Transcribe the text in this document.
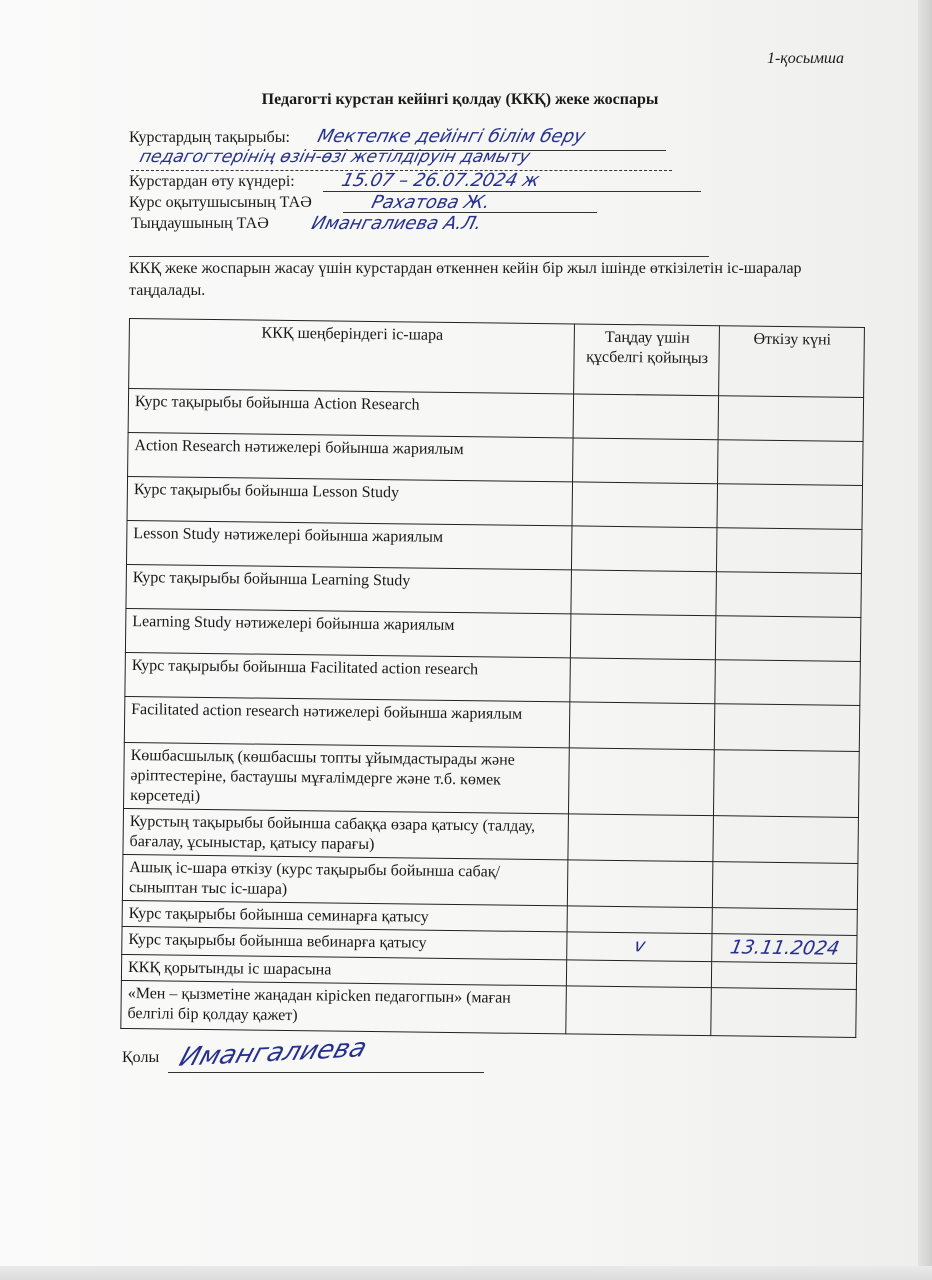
1-қосымша
Педагогті курстан кейінгі қолдау (ККҚ) жеке жоспары
Курстардың тақырыбы: Мектепке дейінгі білім беру
педагогтерінің өзін-өзі жетілдіруін дамыту
Курстардан өту күндері: 15.07 – 26.07.2024 ж
Курс оқытушысының ТАӘ	Рахатова Ж.
Тыңдаушының ТАӘ Имангалиева А.Л.
ККҚ жеке жоспарын жасау үшін курстардан өткеннен кейін бір жыл ішінде өткізілетін іс-шаралар таңдалады.
ККҚ шеңберіндегі іс-шара	Таңдау үшін құсбелгі қойыңыз	Өткізу күні
Курс тақырыбы бойынша Action Research		
Action Research нәтижелері бойынша жариялым		
Курс тақырыбы бойынша Lesson Study		
Lesson Study нәтижелері бойынша жариялым		
Курс тақырыбы бойынша Learning Study		
Learning Study нәтижелері бойынша жариялым		
Курс тақырыбы бойынша Facilitated action research		
Facilitated action research нәтижелері бойынша жариялым		
Көшбасшылық (көшбасшы топты ұйымдастырады және әріптестеріне, бастаушы мұғалімдерге және т.б. көмек көрсетеді)		
Курстың тақырыбы бойынша сабаққа өзара қатысу (талдау, бағалау, ұсыныстар, қатысу парағы)		
Ашық іс-шара өткізу (курс тақырыбы бойынша сабақ/сыныптан тыс іс-шара)		
Курс тақырыбы бойынша семинарға қатысу		
Курс тақырыбы бойынша вебинарға қатысу	v	13.11.2024
ККҚ қорытынды іс шарасына		
«Мен – қызметіне жаңадан кірісken педагогпын» (маған белгілі бір қолдау қажет)		
Қолы Имангалиева
